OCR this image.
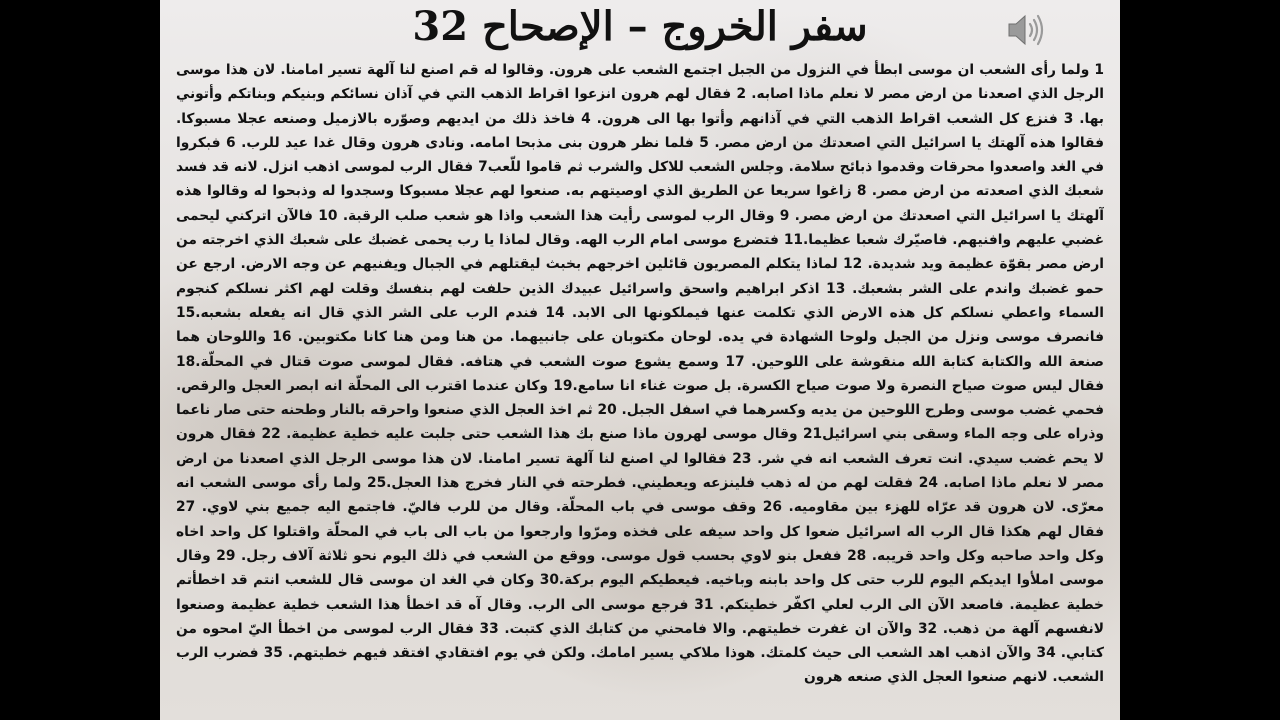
سفر الخروج – الإصحاح 32
1 ولما رأى الشعب ان موسى ابطأ في النزول من الجبل اجتمع الشعب على هرون. وقالوا له قم اصنع لنا آلهة تسير امامنا. لان هذا موسى الرجل الذي اصعدنا من ارض مصر لا نعلم ماذا اصابه. 2 فقال لهم هرون انزعوا اقراط الذهب التي في آذان نسائكم وبنيكم وبناتكم وأتوني بها. 3 فنزع كل الشعب اقراط الذهب التي في آذانهم وأتوا بها الى هرون. 4 فاخذ ذلك من ايديهم وصوّره بالازميل وصنعه عجلا مسبوكا. فقالوا هذه آلهتك يا اسرائيل التي اصعدتك من ارض مصر. 5 فلما نظر هرون بنى مذبحا امامه. ونادى هرون وقال غدا عيد للرب. 6 فبكروا في الغد واصعدوا محرقات وقدموا ذبائح سلامة. وجلس الشعب للاكل والشرب ثم قاموا للّعب7 فقال الرب لموسى اذهب انزل. لانه قد فسد شعبك الذي اصعدته من ارض مصر. 8 زاغوا سريعا عن الطريق الذي اوصيتهم به. صنعوا لهم عجلا مسبوكا وسجدوا له وذبحوا له وقالوا هذه آلهتك يا اسرائيل التي اصعدتك من ارض مصر. 9 وقال الرب لموسى رأيت هذا الشعب واذا هو شعب صلب الرقبة. 10 فالآن اتركني ليحمى غضبي عليهم وافنيهم. فاصيّرك شعبا عظيما.11 فتضرع موسى امام الرب الهه. وقال لماذا يا رب يحمى غضبك على شعبك الذي اخرجته من ارض مصر بقوّة عظيمة ويد شديدة. 12 لماذا يتكلم المصريون قائلين اخرجهم بخبث ليقتلهم في الجبال ويفنيهم عن وجه الارض. ارجع عن حمو غضبك واندم على الشر بشعبك. 13 اذكر ابراهيم واسحق واسرائيل عبيدك الذين حلفت لهم بنفسك وقلت لهم اكثر نسلكم كنجوم السماء واعطي نسلكم كل هذه الارض الذي تكلمت عنها فيملكونها الى الابد. 14 فندم الرب على الشر الذي قال انه يفعله بشعبه.15 فانصرف موسى ونزل من الجبل ولوحا الشهادة في يده. لوحان مكتوبان على جانبيهما. من هنا ومن هنا كانا مكتوبين. 16 واللوحان هما صنعة الله والكتابة كتابة الله منقوشة على اللوحين. 17 وسمع يشوع صوت الشعب في هتافه. فقال لموسى صوت قتال في المحلّة.18 فقال ليس صوت صياح النصرة ولا صوت صياح الكسرة. بل صوت غناء انا سامع.19 وكان عندما اقترب الى المحلّة انه ابصر العجل والرقص. فحمي غضب موسى وطرح اللوحين من يديه وكسرهما في اسفل الجبل. 20 ثم اخذ العجل الذي صنعوا واحرقه بالنار وطحنه حتى صار ناعما وذراه على وجه الماء وسقى بني اسرائيل21 وقال موسى لهرون ماذا صنع بك هذا الشعب حتى جلبت عليه خطية عظيمة. 22 فقال هرون لا يحم غضب سيدي. انت تعرف الشعب انه في شر. 23 فقالوا لي اصنع لنا آلهة تسير امامنا. لان هذا موسى الرجل الذي اصعدنا من ارض مصر لا نعلم ماذا اصابه. 24 فقلت لهم من له ذهب فلينزعه ويعطيني. فطرحته في النار فخرج هذا العجل.25 ولما رأى موسى الشعب انه معرّى. لان هرون قد عرّاه للهزء بين مقاوميه. 26 وقف موسى في باب المحلّة. وقال من للرب فاليّ. فاجتمع اليه جميع بني لاوي. 27 فقال لهم هكذا قال الرب اله اسرائيل ضعوا كل واحد سيفه على فخذه ومرّوا وارجعوا من باب الى باب في المحلّة واقتلوا كل واحد اخاه وكل واحد صاحبه وكل واحد قريبه. 28 ففعل بنو لاوي بحسب قول موسى. ووقع من الشعب في ذلك اليوم نحو ثلاثة آلاف رجل. 29 وقال موسى املأوا ايديكم اليوم للرب حتى كل واحد بابنه وباخيه. فيعطيكم اليوم بركة.30 وكان في الغد ان موسى قال للشعب انتم قد اخطأتم خطية عظيمة. فاصعد الآن الى الرب لعلي اكفّر خطيتكم. 31 فرجع موسى الى الرب. وقال آه قد اخطأ هذا الشعب خطية عظيمة وصنعوا لانفسهم آلهة من ذهب. 32 والآن ان غفرت خطيتهم. والا فامحني من كتابك الذي كتبت. 33 فقال الرب لموسى من اخطأ اليّ امحوه من كتابي. 34 والآن اذهب اهد الشعب الى حيث كلمتك. هوذا ملاكي يسير امامك. ولكن في يوم افتقادي افتقد فيهم خطيتهم. 35 فضرب الرب الشعب. لانهم صنعوا العجل الذي صنعه هرون
